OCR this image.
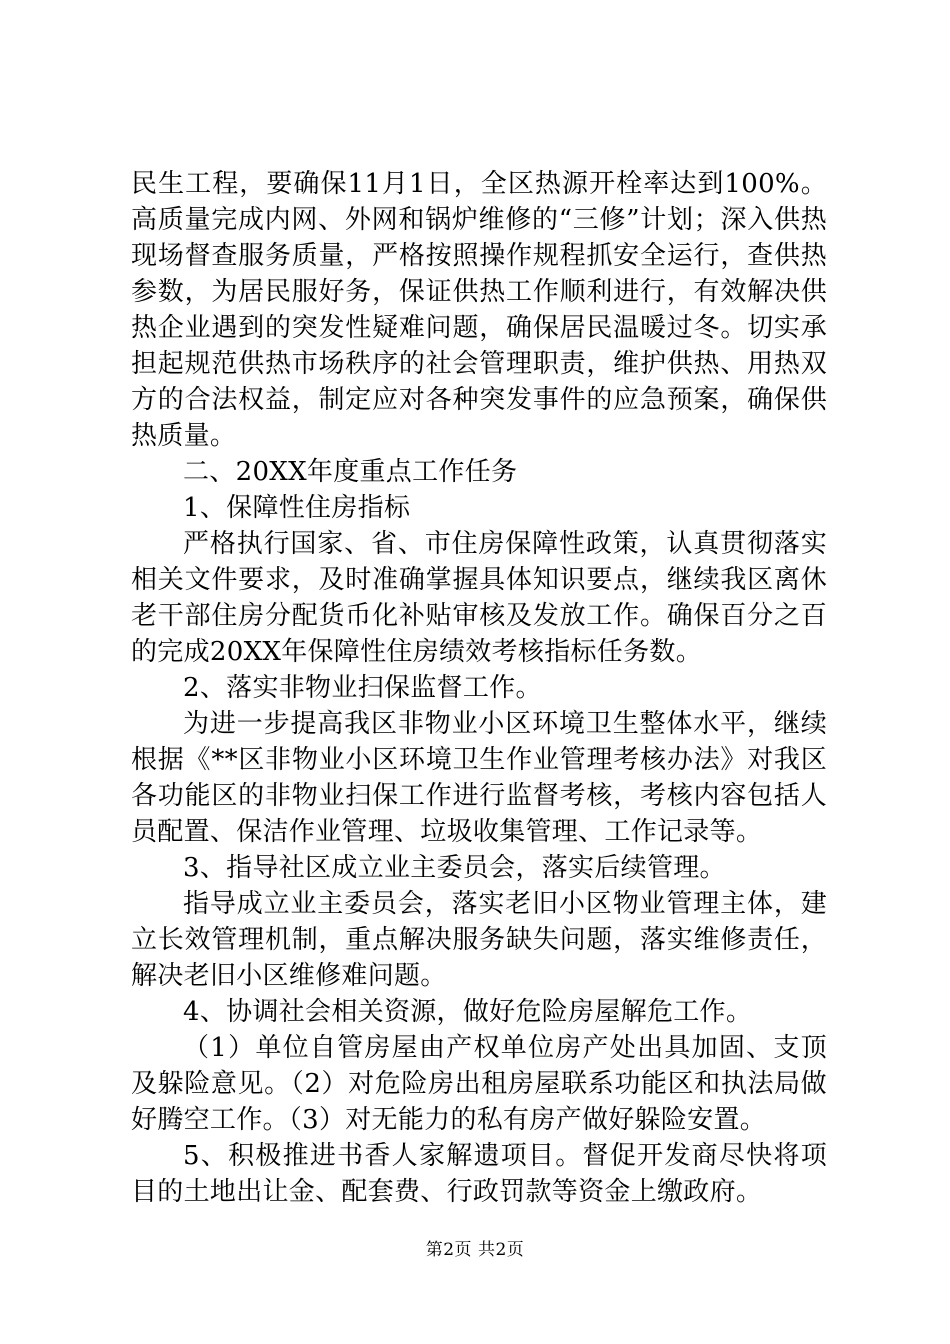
民生工程，要确保11月1日，全区热源开栓率达到100%。高质量完成内网、外网和锅炉维修的“三修”计划；深入供热现场督查服务质量，严格按照操作规程抓安全运行，查供热参数，为居民服好务，保证供热工作顺利进行，有效解决供热企业遇到的突发性疑难问题，确保居民温暖过冬。切实承担起规范供热市场秩序的社会管理职责，维护供热、用热双方的合法权益，制定应对各种突发事件的应急预案，确保供热质量。

二、20XX年度重点工作任务

1、保障性住房指标

严格执行国家、省、市住房保障性政策，认真贯彻落实相关文件要求，及时准确掌握具体知识要点，继续我区离休老干部住房分配货币化补贴审核及发放工作。确保百分之百的完成20XX年保障性住房绩效考核指标任务数。

2、落实非物业扫保监督工作。

为进一步提高我区非物业小区环境卫生整体水平，继续根据《**区非物业小区环境卫生作业管理考核办法》对我区各功能区的非物业扫保工作进行监督考核，考核内容包括人员配置、保洁作业管理、垃圾收集管理、工作记录等。

3、指导社区成立业主委员会，落实后续管理。

指导成立业主委员会，落实老旧小区物业管理主体，建立长效管理机制，重点解决服务缺失问题，落实维修责任，解决老旧小区维修难问题。

4、协调社会相关资源，做好危险房屋解危工作。

（1）单位自管房屋由产权单位房产处出具加固、支顶及躲险意见。（2）对危险房出租房屋联系功能区和执法局做好腾空工作。（3）对无能力的私有房产做好躲险安置。

5、积极推进书香人家解遗项目。督促开发商尽快将项目的土地出让金、配套费、行政罚款等资金上缴政府。

第2页 共2页
